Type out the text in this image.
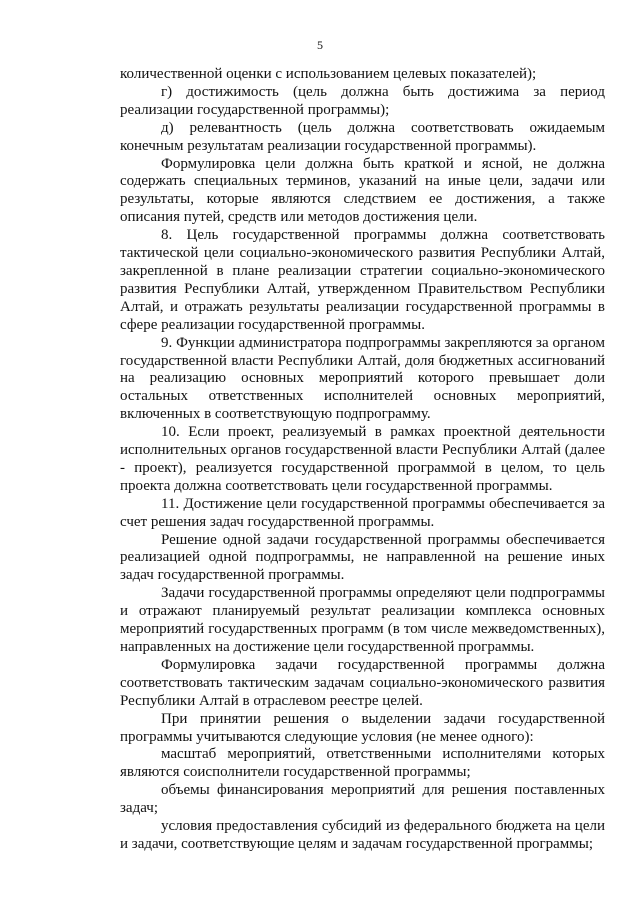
5

количественной оценки с использованием целевых показателей);

г) достижимость (цель должна быть достижима за период реализации государственной программы);

д) релевантность (цель должна соответствовать ожидаемым конечным результатам реализации государственной программы).

Формулировка цели должна быть краткой и ясной, не должна содержать специальных терминов, указаний на иные цели, задачи или результаты, которые являются следствием ее достижения, а также описания путей, средств или методов достижения цели.

8. Цель государственной программы должна соответствовать тактической цели социально-экономического развития Республики Алтай, закрепленной в плане реализации стратегии социально-экономического развития Республики Алтай, утвержденном Правительством Республики Алтай, и отражать результаты реализации государственной программы в сфере реализации государственной программы.

9. Функции администратора подпрограммы закрепляются за органом государственной власти Республики Алтай, доля бюджетных ассигнований на реализацию основных мероприятий которого превышает доли остальных ответственных исполнителей основных мероприятий, включенных в соответствующую подпрограмму.

10. Если проект, реализуемый в рамках проектной деятельности исполнительных органов государственной власти Республики Алтай (далее - проект), реализуется государственной программой в целом, то цель проекта должна соответствовать цели государственной программы.

11. Достижение цели государственной программы обеспечивается за счет решения задач государственной программы.

Решение одной задачи государственной программы обеспечивается реализацией одной подпрограммы, не направленной на решение иных задач государственной программы.

Задачи государственной программы определяют цели подпрограммы и отражают планируемый результат реализации комплекса основных мероприятий государственных программ (в том числе межведомственных), направленных на достижение цели государственной программы.

Формулировка задачи государственной программы должна соответствовать тактическим задачам социально-экономического развития Республики Алтай в отраслевом реестре целей.

При принятии решения о выделении задачи государственной программы учитываются следующие условия (не менее одного):

масштаб мероприятий, ответственными исполнителями которых являются соисполнители государственной программы;

объемы финансирования мероприятий для решения поставленных задач;

условия предоставления субсидий из федерального бюджета на цели и задачи, соответствующие целям и задачам государственной программы;
